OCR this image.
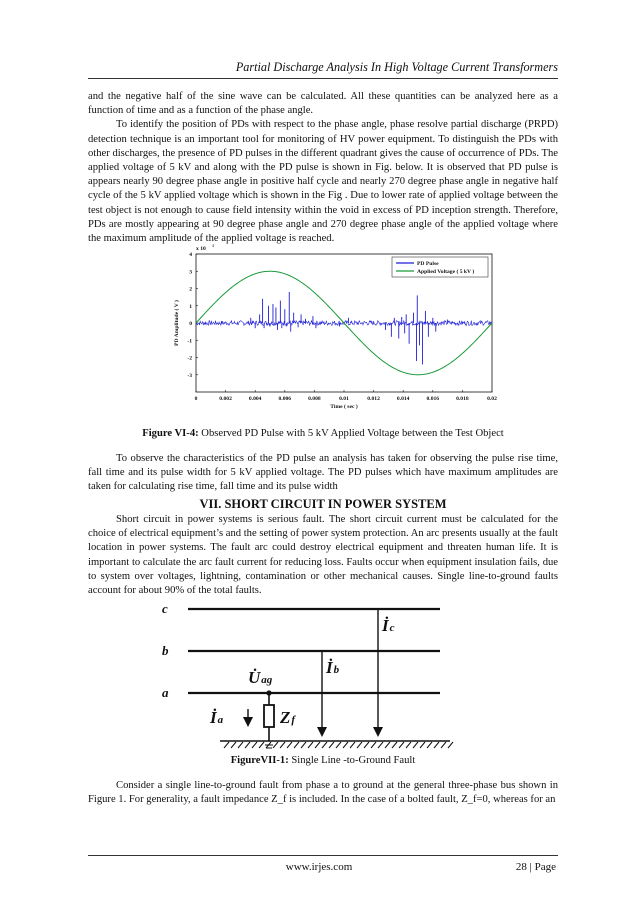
Partial Discharge Analysis In High Voltage Current Transformers

and the negative half of the sine wave can be calculated. All these quantities can be analyzed here as a function of time and as a function of the phase angle.

To identify the position of PDs with respect to the phase angle, phase resolve partial discharge (PRPD) detection technique is an important tool for monitoring of HV power equipment. To distinguish the PDs with other discharges, the presence of PD pulses in the different quadrant gives the cause of occurrence of PDs. The applied voltage of 5 kV and along with the PD pulse is shown in Fig. below. It is observed that PD pulse is appears nearly 90 degree phase angle in positive half cycle and nearly 270 degree phase angle in negative half cycle of the 5 kV applied voltage which is shown in the Fig . Due to lower rate of applied voltage between the test object is not enough to cause field intensity within the void in excess of PD inception strength. Therefore, PDs are mostly appearing at 90 degree phase angle and 270 degree phase angle of the applied voltage where the maximum amplitude of the applied voltage is reached.

0	0.002	0.004	0.006	0.008	0.01	0.012	0.014	0.016	0.018	0.02
4
3
2
1
0
-1
-2
-3
x 10
4
Time ( sec )
PD Amplitude ( V )
PD Pulse
Applied Voltage ( 5 kV )
Figure VI-4: Observed PD Pulse with 5 kV Applied Voltage between the Test Object

To observe the characteristics of the PD pulse an analysis has taken for observing the pulse rise time, fall time and its pulse width for 5 kV applied voltage. The PD pulses which have maximum amplitudes are taken for calculating rise time, fall time and its pulse width

VII. SHORT CIRCUIT IN POWER SYSTEM

Short circuit in power systems is serious fault. The short circuit current must be calculated for the choice of electrical equipment’s and the setting of power system protection. An arc presents usually at the fault location in power systems. The fault arc could destroy electrical equipment and threaten human life. It is important to calculate the arc fault current for reducing loss. Faults occur when equipment insulation fails, due to system over voltages, lightning, contamination or other mechanical causes. Single line-to-ground faults account for about 90% of the total faults.

c
b
a
İc
İb
U̇ag
İa	Zf
FigureVII-1: Single Line -to-Ground Fault

Consider a single line-to-ground fault from phase a to ground at the general three-phase bus shown in Figure 1. For generality, a fault impedance Z_f is included. In the case of a bolted fault, Z_f=0, whereas for an

www.irjes.com	28 | Page
